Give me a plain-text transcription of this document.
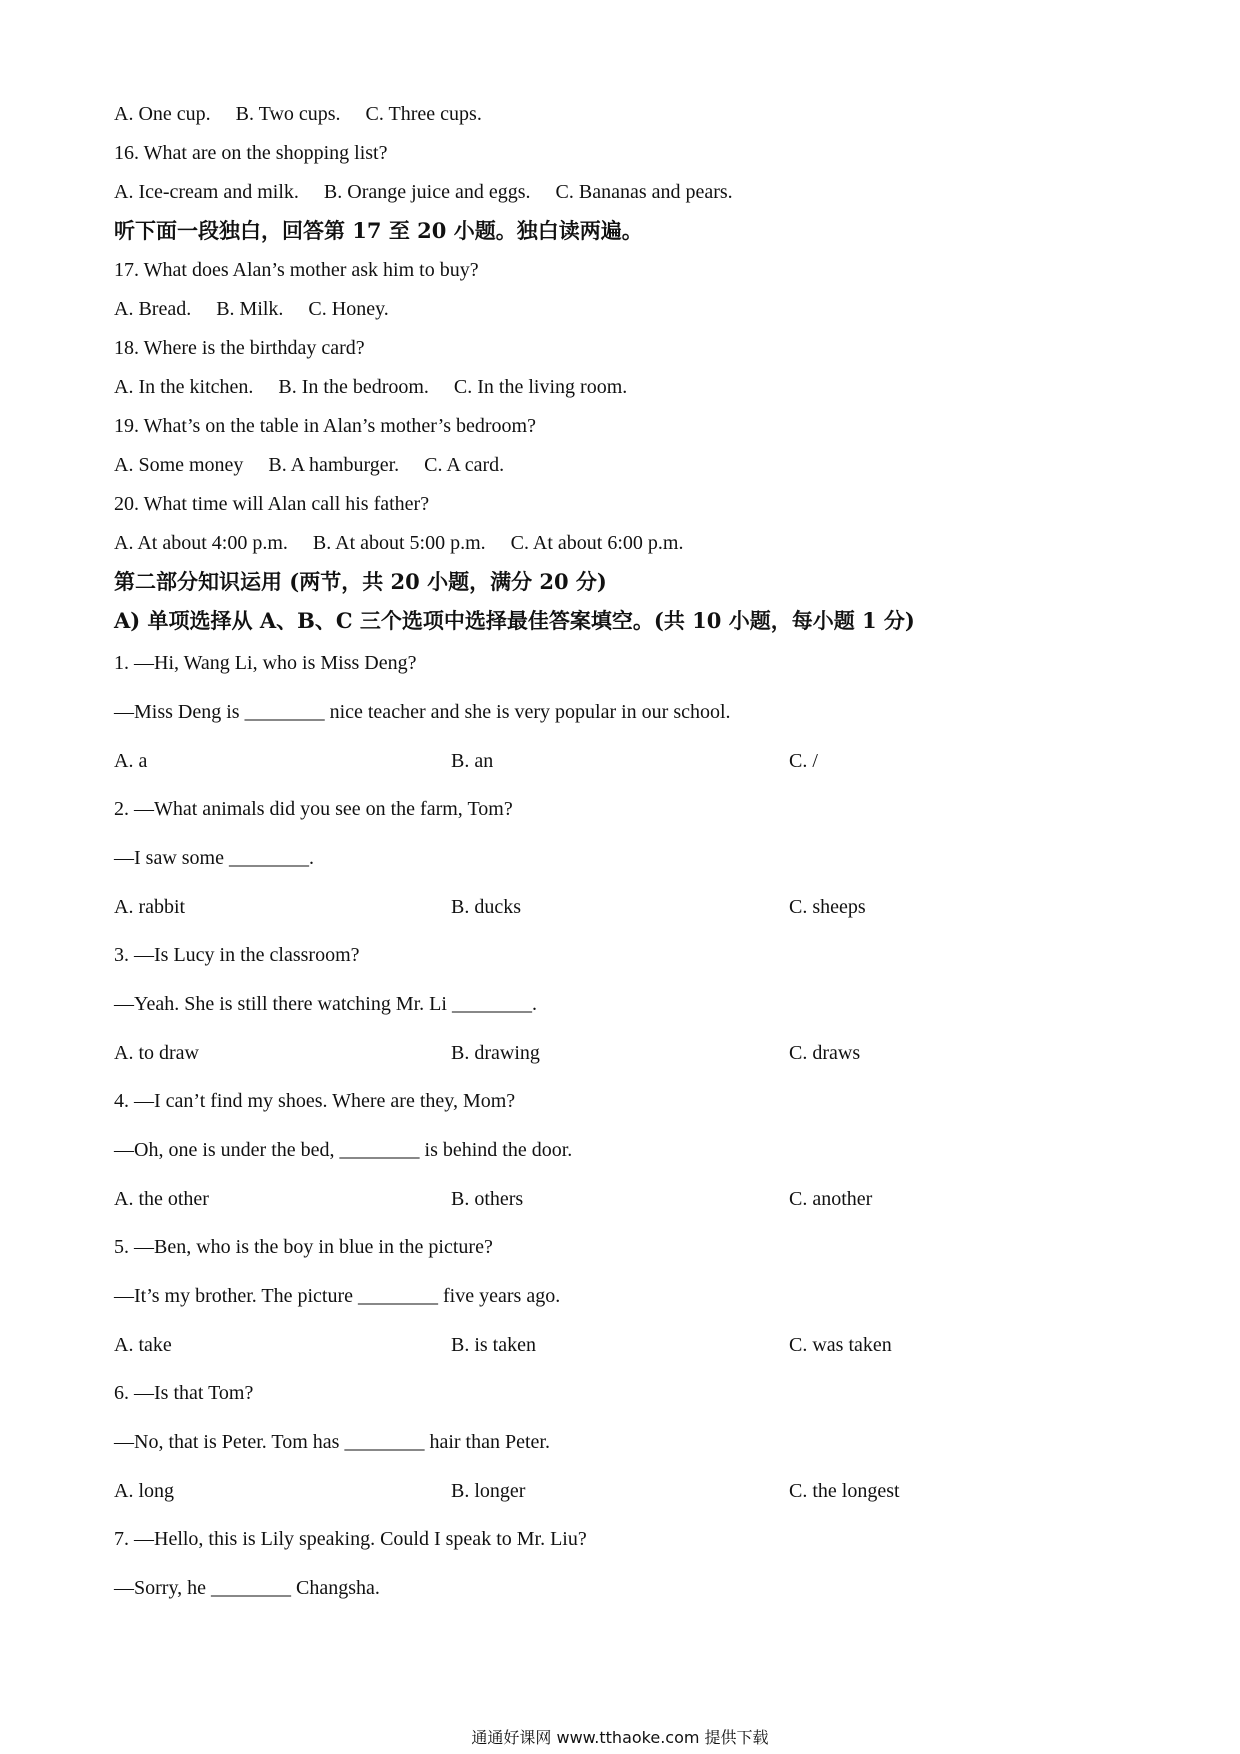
A. One cup.     B. Two cups.     C. Three cups.
16. What are on the shopping list?
A. Ice-cream and milk.     B. Orange juice and eggs.     C. Bananas and pears.
听下面一段独白，回答第 17 至 20 小题。独白读两遍。
17. What does Alan’s mother ask him to buy?
A. Bread.     B. Milk.     C. Honey.
18. Where is the birthday card?
A. In the kitchen.     B. In the bedroom.     C. In the living room.
19. What’s on the table in Alan’s mother’s bedroom?
A. Some money     B. A hamburger.     C. A card.
20. What time will Alan call his father?
A. At about 4:00 p.m.     B. At about 5:00 p.m.     C. At about 6:00 p.m.
第二部分知识运用 (两节，共 20 小题，满分 20 分)
A) 单项选择从 A、B、C 三个选项中选择最佳答案填空。(共 10 小题，每小题 1 分)
1. —Hi, Wang Li, who is Miss Deng?
—Miss Deng is ________ nice teacher and she is very popular in our school.
A. a	B. an	C. /
2. —What animals did you see on the farm, Tom?
—I saw some ________.
A. rabbit	B. ducks	C. sheeps
3. —Is Lucy in the classroom?
—Yeah. She is still there watching Mr. Li ________.
A. to draw	B. drawing	C. draws
4. —I can’t find my shoes. Where are they, Mom?
—Oh, one is under the bed, ________ is behind the door.
A. the other	B. others	C. another
5. —Ben, who is the boy in blue in the picture?
—It’s my brother. The picture ________ five years ago.
A. take	B. is taken	C. was taken
6. —Is that Tom?
—No, that is Peter. Tom has ________ hair than Peter.
A. long	B. longer	C. the longest
7. —Hello, this is Lily speaking. Could I speak to Mr. Liu?
—Sorry, he ________ Changsha.
通通好课网 www.tthaoke.com 提供下载
